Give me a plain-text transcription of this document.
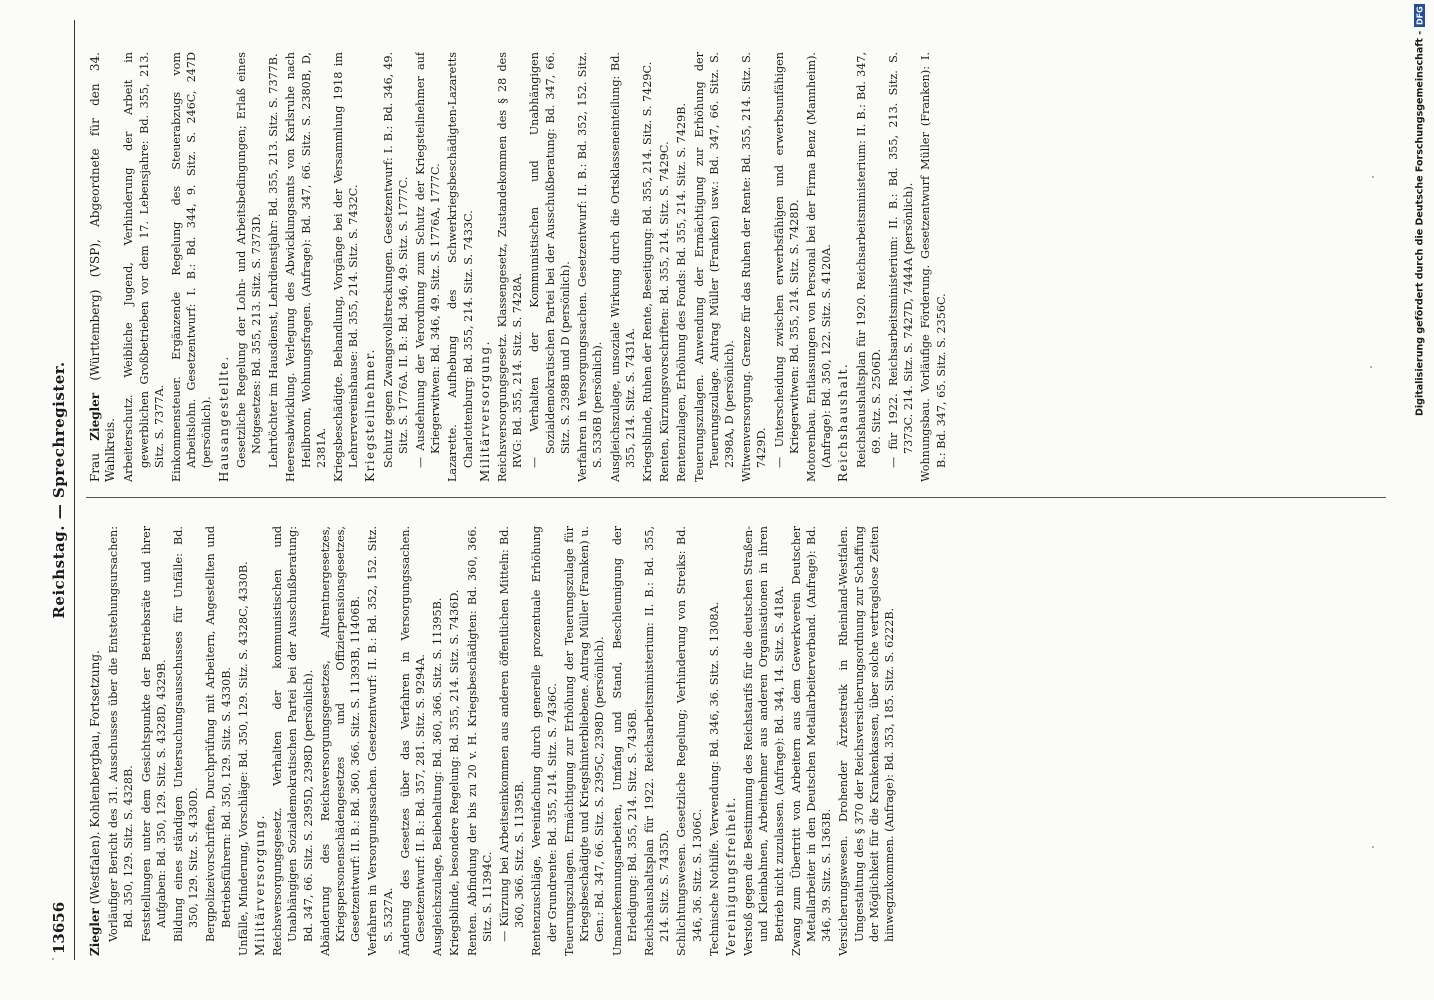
13656
Reichstag. — Sprechregister.
Ziegler (Westfalen). Kohlenbergbau, Fortsetzung. Vorläufiger Bericht des 31. Ausschusses über die Entstehungsursachen: Bd. 350, 129. Sitz. S. 4328B. Feststellungen unter dem Gesichtspunkte der Betriebsräte und ihrer Aufgaben: Bd. 350, 129. Sitz. S. 4328D, 4329B. Bildung eines ständigen Untersuchungsausschusses für Unfälle: Bd. 350, 129. Sitz. S. 4330D. Bergpolizeivorschriften, Durchprüfung mit Arbeitern, Angestellten und Betriebsführern: Bd. 350, 129. Sitz. S. 4330B. Unfälle, Minderung, Vorschläge: Bd. 350, 129. Sitz. S. 4328C, 4330B. Militärversorgung. Reichsversorgungsgesetz. Verhalten der kommunistischen und Unabhängigen Sozialdemokratischen Partei bei der Ausschußberatung: Bd. 347, 66. Sitz. S. 2395D, 2398D (persönlich). Abänderung des Reichsversorgungsgesetzes, Altrentnergesetzes, Kriegspersonenschädengesetzes und Offizierpensionsgesetzes, Gesetzentwurf: II. B.: Bd. 360, 366. Sitz. S. 11393B, 11406B. Verfahren in Versorgungssachen. Gesetzentwurf: II. B.: Bd. 352, 152. Sitz. S. 5327A. Änderung des Gesetzes über das Verfahren in Versorgungssachen. Gesetzentwurf: II. B.: Bd. 357, 281. Sitz. S. 9294A. Ausgleichszulage, Beibehaltung: Bd. 360, 366. Sitz. S. 11395B. Kriegsblinde, besondere Regelung: Bd. 355, 214. Sitz. S. 7436D. Renten. Abfindung der bis zu 20 v. H. Kriegsbeschädigten: Bd. 360, 366. Sitz. S. 11394C. — Kürzung bei Arbeitseinkommen aus anderen öffentlichen Mitteln: Bd. 360, 366. Sitz. S. 11395B. Rentenzuschläge, Vereinfachung durch generelle prozentuale Erhöhung der Grundrente: Bd. 355, 214. Sitz. S. 7436C. Teuerungszulagen. Ermächtigung zur Erhöhung der Teuerungszulage für Kriegsbeschädigte und Kriegshinterbliebene. Antrag Müller (Franken) u. Gen.: Bd. 347, 66. Sitz. S. 2395C, 2398D (persönlich). Umanerkennungsarbeiten, Umfang und Stand, Beschleunigung der Erledigung: Bd. 355, 214. Sitz. S. 7436B. Reichshaushaltsplan für 1922. Reichsarbeitsministerium: II. B.: Bd. 355, 214. Sitz. S. 7435D. Schlichtungswesen. Gesetzliche Regelung; Verhinderung von Streiks: Bd. 346, 36. Sitz. S. 1306C. Technische Nothilfe. Verwendung: Bd. 346, 36. Sitz. S. 1308A. Vereinigungsfreiheit. Verstoß gegen die Bestimmung des Reichstarifs für die deutschen Straßen- und Kleinbahnen, Arbeitnehmer aus anderen Organisationen in ihren Betrieb nicht zuzulassen. (Anfrage): Bd. 344, 14. Sitz. S. 418A. Zwang zum Übertritt von Arbeitern aus dem Gewerkverein Deutscher Metallarbeiter in den Deutschen Metallarbeiterverband. (Anfrage): Bd. 346, 39. Sitz. S. 1363B. Versicherungswesen. Drohender Ärztestreik in Rheinland-Westfalen. Umgestaltung des § 370 der Reichsversicherungsordnung zur Schaffung der Möglichkeit für die Krankenkassen, über solche vertragslose Zeiten hinwegzukommen. (Anfrage): Bd. 353, 185. Sitz. S. 6222B.

Frau Ziegler (Württemberg) (VSP), Abgeordnete für den 34. Wahlkreis. Arbeiterschutz. Weibliche Jugend, Verhinderung der Arbeit in gewerblichen Großbetrieben vor dem 17. Lebensjahre: Bd. 355, 213. Sitz. S. 7377A. Einkommensteuer. Ergänzende Regelung des Steuerabzugs vom Arbeitslohn. Gesetzentwurf: I. B.: Bd. 344, 9. Sitz. S. 246C, 247D (persönlich). Hausangestellte. Gesetzliche Regelung der Lohn- und Arbeitsbedingungen; Erlaß eines Notgesetzes: Bd. 355, 213. Sitz. S. 7373D. Lehrtöchter im Hausdienst, Lehrdienstjahr: Bd. 355, 213. Sitz. S. 7377B. Heeresabwicklung. Verlegung des Abwicklungsamts von Karlsruhe nach Heilbronn, Wohnungsfragen. (Anfrage): Bd. 347, 66. Sitz. S. 2380B, D, 2381A. Kriegsbeschädigte. Behandlung, Vorgänge bei der Versammlung 1918 im Lehrervereinshause: Bd. 355, 214. Sitz. S. 7432C. Kriegsteilnehmer. Schutz gegen Zwangsvollstreckungen. Gesetzentwurf: I. B.: Bd. 346, 49. Sitz. S. 1776A. II. B.: Bd. 346, 49. Sitz. S. 1777C. — Ausdehnung der Verordnung zum Schutz der Kriegsteilnehmer auf Kriegerwitwen: Bd. 346, 49. Sitz. S. 1776A, 1777C. Lazarette. Aufhebung des Schwerkriegsbeschädigten-Lazaretts Charlottenburg: Bd. 355, 214. Sitz. S. 7433C. Militärversorgung. Reichsversorgungsgesetz. Klassengesetz, Zustandekommen des § 28 des RVG: Bd. 355, 214. Sitz. S. 7428A. — Verhalten der Kommunistischen und Unabhängigen Sozialdemokratischen Partei bei der Ausschußberatung: Bd. 347, 66. Sitz. S. 2398B und D (persönlich). Verfahren in Versorgungssachen. Gesetzentwurf: II. B.: Bd. 352, 152. Sitz. S. 5336B (persönlich). Ausgleichszulage, unsoziale Wirkung durch die Ortsklasseneinteilung: Bd. 355, 214. Sitz. S. 7431A. Kriegsblinde, Ruhen der Rente, Beseitigung: Bd. 355, 214. Sitz. S. 7429C. Renten, Kürzungsvorschriften: Bd. 355, 214. Sitz. S. 7429C. Rentenzulagen, Erhöhung des Fonds: Bd. 355, 214. Sitz. S. 7429B. Teuerungszulagen. Anwendung der Ermächtigung zur Erhöhung der Teuerungszulage. Antrag Müller (Franken) usw.: Bd. 347, 66. Sitz. S. 2398A, D (persönlich). Witwenversorgung. Grenze für das Ruhen der Rente: Bd. 355, 214. Sitz. S. 7429D. — Unterscheidung zwischen erwerbsfähigen und erwerbsunfähigen Kriegerwitwen: Bd. 355, 214. Sitz. S. 7428D. Motorenbau. Entlassungen von Personal bei der Firma Benz (Mannheim). (Anfrage): Bd. 350, 122. Sitz. S. 4120A. Reichshaushalt. Reichshaushaltsplan für 1920. Reichsarbeitsministerium: II. B.: Bd. 347, 69. Sitz. S. 2506D. — für 1922. Reichsarbeitsministerium: II. B.: Bd. 355, 213. Sitz. S. 7373C. 214. Sitz. S. 7427D, 7444A (persönlich). Wohnungsbau. Vorläufige Förderung. Gesetzentwurf Müller (Franken): I. B.: Bd. 347, 65. Sitz. S. 2356C.	Digitalisierung gefördert durch die Deutsche Forschungsgemeinschaft -
DFG
